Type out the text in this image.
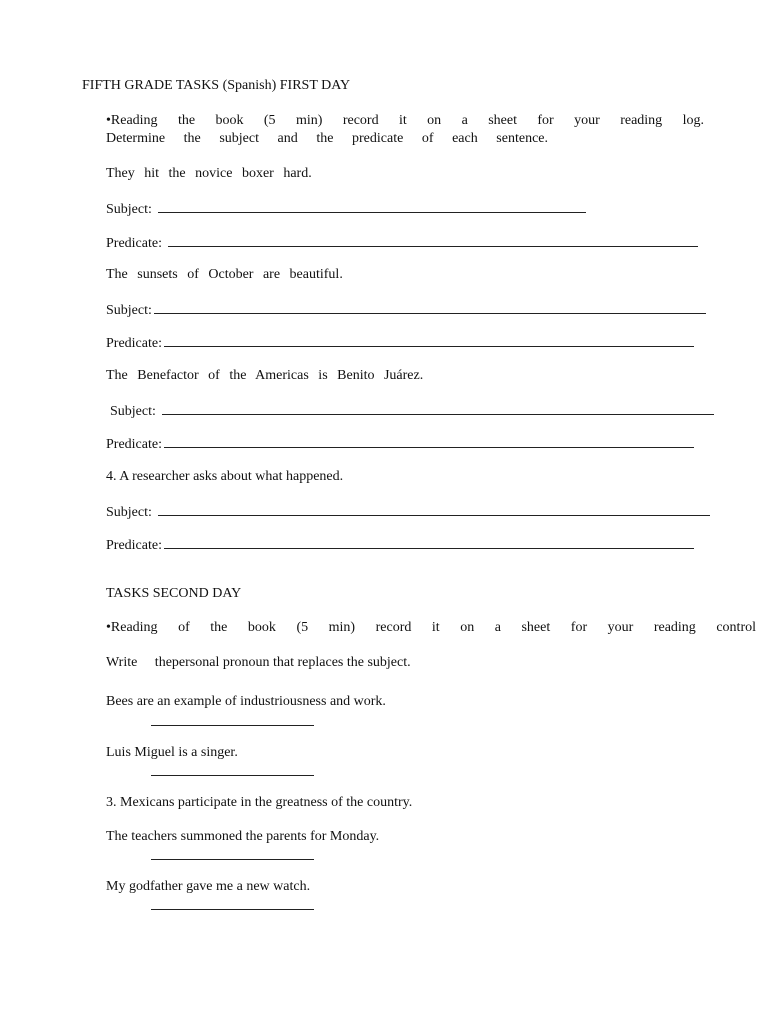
FIFTH GRADE TASKS (Spanish) FIRST DAY
•Reading the book (5 min) record it on a sheet for your reading log.
Determine the subject and the predicate of each sentence.
They hit the novice boxer hard.
Subject:
Predicate:
The sunsets of October are beautiful.
Subject:
Predicate:
The Benefactor of the Americas is Benito Juárez.
Subject:
Predicate:
4. A researcher asks about what happened.
Subject:
Predicate:
TASKS SECOND DAY
•Reading of the book (5 min) record it on a sheet for your reading control
Write     thepersonal pronoun that replaces the subject.
Bees are an example of industriousness and work.
Luis Miguel is a singer.
3. Mexicans participate in the greatness of the country.
The teachers summoned the parents for Monday.
My godfather gave me a new watch.
